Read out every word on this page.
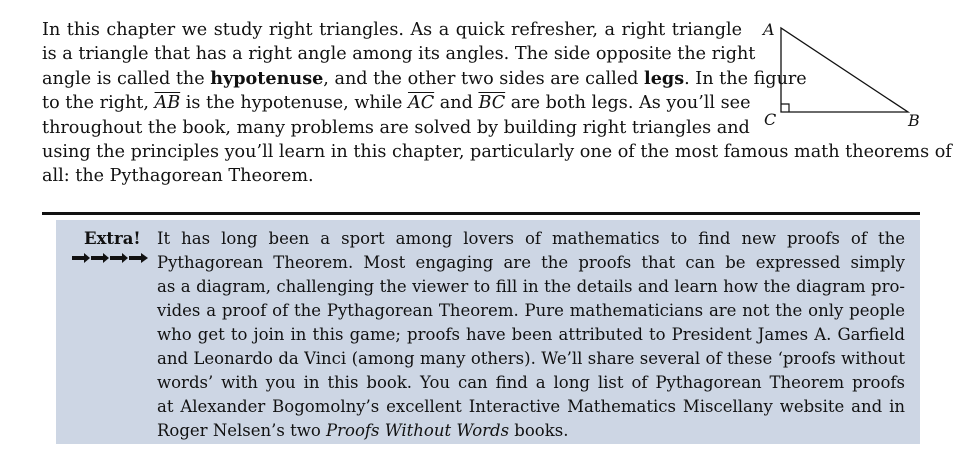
In this chapter we study right triangles. As a quick refresher, a right triangle
is a triangle that has a right angle among its angles. The side opposite the right
angle is called the hypotenuse, and the other two sides are called legs. In the figure
to the right, $\overline{AB}$ is the hypotenuse, while $\overline{AC}$ and $\overline{BC}$ are both legs. As you’ll see
throughout the book, many problems are solved by building right triangles and
using the principles you’ll learn in this chapter, particularly one of the most famous math theorems of
all: the Pythagorean Theorem.
A
B
C
Extra! It has long been a sport among lovers of mathematics to find new proofs of the
Pythagorean Theorem. Most engaging are the proofs that can be expressed simply
as a diagram, challenging the viewer to fill in the details and learn how the diagram pro-
vides a proof of the Pythagorean Theorem. Pure mathematicians are not the only people
who get to join in this game; proofs have been attributed to President James A. Garfield
and Leonardo da Vinci (among many others). We’ll share several of these ‘proofs without
words’ with you in this book. You can find a long list of Pythagorean Theorem proofs
at Alexander Bogomolny’s excellent Interactive Mathematics Miscellany website and in
Roger Nelsen’s two Proofs Without Words books.
